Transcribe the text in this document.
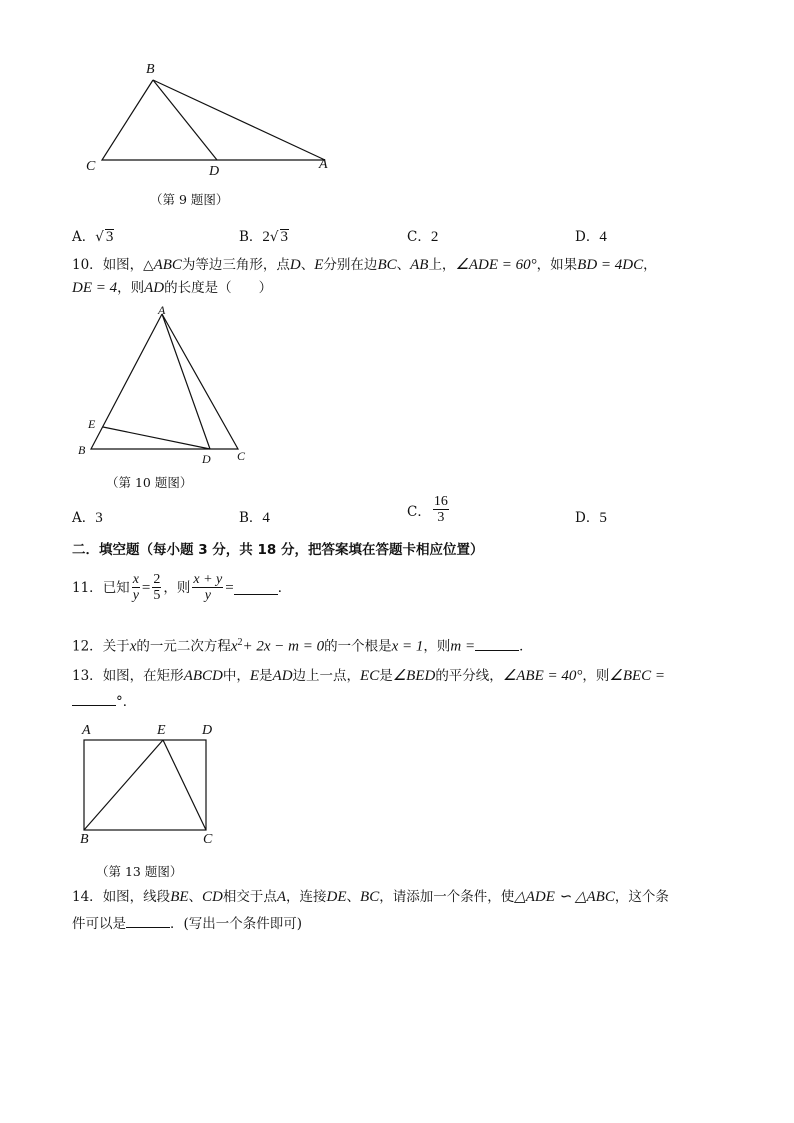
B
C	D	A
（第 9 题图）
A．√ 3	B．2√ 3	C．2	D．4
10．如图，△ABC为等边三角形，点D、E分别在边BC、AB上，∠ADE = 60°，如果BD = 4DC，
DE = 4，则AD的长度是（　　）
A
E
B
D C
（第 10 题图）
A．3	B．4	C． $\frac{16}{3}$	D．5
二．填空题（每小题 3 分，共 18 分，把答案填在答题卡相应位置）
11． 已知 $\frac{x}{y} = \frac{2}{5}$ ，则 $\frac{x + y}{y}$ =	．
12．关于x的一元二次方程$x^2+ 2x - m = 0$的一个根是x = 1，则m =	．
13．如图，在矩形ABCD中，E是AD边上一点，EC是∠BED的平分线，∠ABE = 40°，则∠BEC =
°．
A	E	D
B	C
（第 13 题图）
14．如图，线段BE、CD相交于点A，连接DE、BC，请添加一个条件，使△ADE ∽ △ABC，这个条
件可以是	．(写出一个条件即可)
